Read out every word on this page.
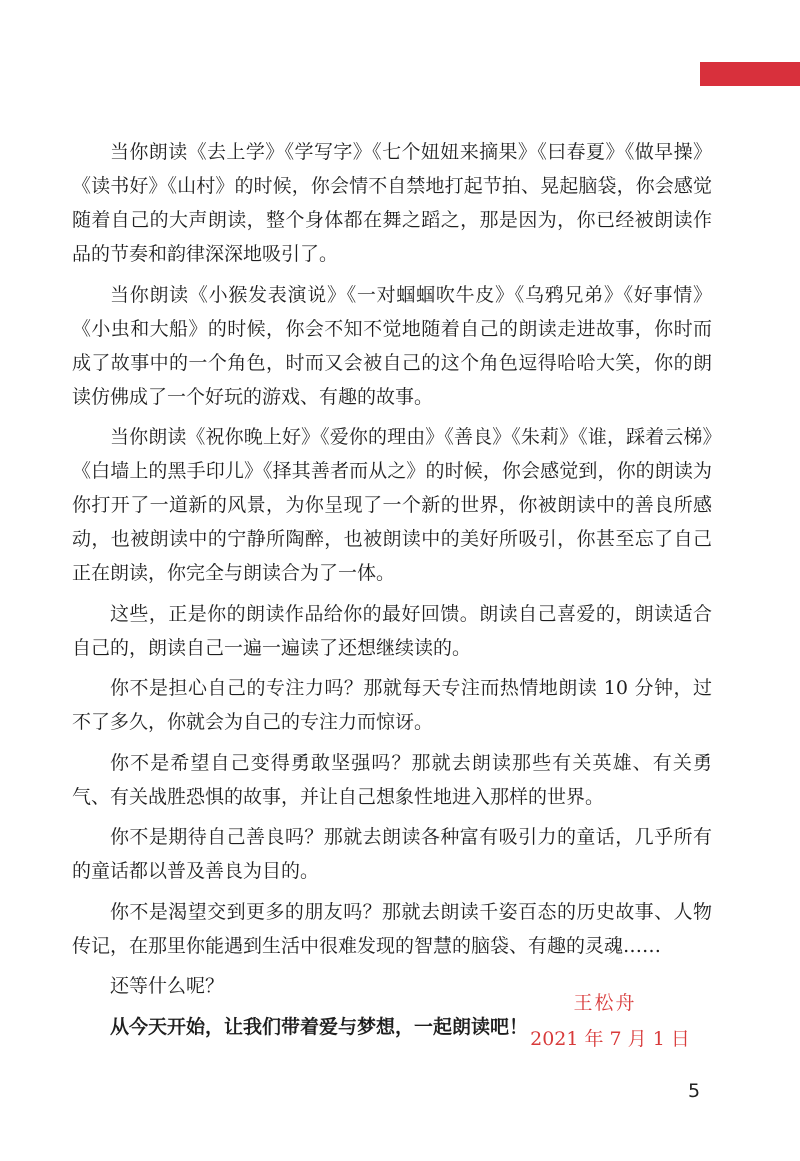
当你朗读《去上学》《学写字》《七个妞妞来摘果》《曰春夏》《做早操》《读书好》《山村》的时候，你会情不自禁地打起节拍、晃起脑袋，你会感觉随着自己的大声朗读，整个身体都在舞之蹈之，那是因为，你已经被朗读作品的节奏和韵律深深地吸引了。

当你朗读《小猴发表演说》《一对蝈蝈吹牛皮》《乌鸦兄弟》《好事情》《小虫和大船》的时候，你会不知不觉地随着自己的朗读走进故事，你时而成了故事中的一个角色，时而又会被自己的这个角色逗得哈哈大笑，你的朗读仿佛成了一个好玩的游戏、有趣的故事。

当你朗读《祝你晚上好》《爱你的理由》《善良》《朱莉》《谁，踩着云梯》《白墙上的黑手印儿》《择其善者而从之》的时候，你会感觉到，你的朗读为你打开了一道新的风景，为你呈现了一个新的世界，你被朗读中的善良所感动，也被朗读中的宁静所陶醉，也被朗读中的美好所吸引，你甚至忘了自己正在朗读，你完全与朗读合为了一体。

这些，正是你的朗读作品给你的最好回馈。朗读自己喜爱的，朗读适合自己的，朗读自己一遍一遍读了还想继续读的。

你不是担心自己的专注力吗？那就每天专注而热情地朗读 10 分钟，过不了多久，你就会为自己的专注力而惊讶。

你不是希望自己变得勇敢坚强吗？那就去朗读那些有关英雄、有关勇气、有关战胜恐惧的故事，并让自己想象性地进入那样的世界。

你不是期待自己善良吗？那就去朗读各种富有吸引力的童话，几乎所有的童话都以普及善良为目的。

你不是渴望交到更多的朋友吗？那就去朗读千姿百态的历史故事、人物传记，在那里你能遇到生活中很难发现的智慧的脑袋、有趣的灵魂……

还等什么呢？

从今天开始，让我们带着爱与梦想，一起朗读吧！

王松舟
2021 年 7 月 1 日
5
